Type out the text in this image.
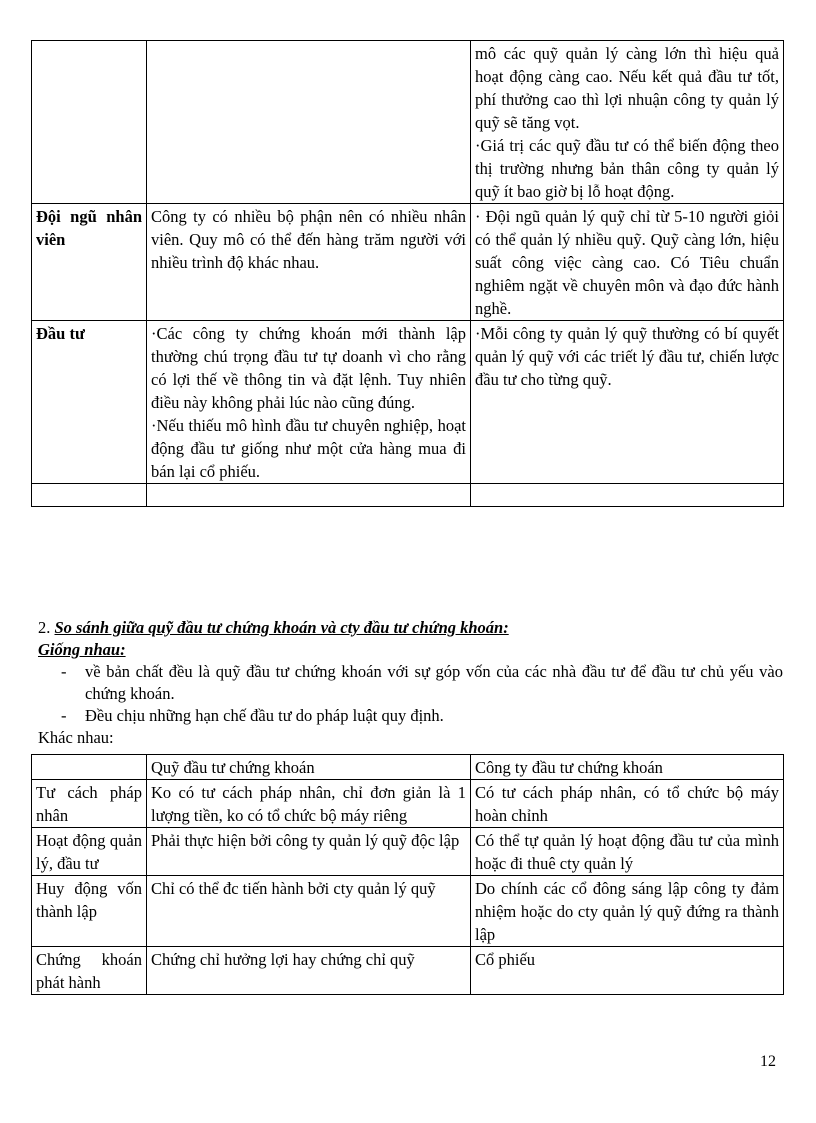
		mô các quỹ quản lý càng lớn thì hiệu quả hoạt động càng cao. Nếu kết quả đầu tư tốt, phí thưởng cao thì lợi nhuận công ty quản lý quỹ sẽ tăng vọt.
·Giá trị các quỹ đầu tư có thể biến động theo thị trường nhưng bản thân công ty quản lý quỹ ít bao giờ bị lỗ hoạt động.

Đội ngũ nhân viên	Công ty có nhiều bộ phận nên có nhiều nhân viên. Quy mô có thể đến hàng trăm người với nhiều trình độ khác nhau.	· Đội ngũ quản lý quỹ chỉ từ 5-10 người giỏi có thể quản lý nhiều quỹ. Quỹ càng lớn, hiệu suất công việc càng cao. Có Tiêu chuẩn nghiêm ngặt về chuyên môn và đạo đức hành nghề.

Đầu tư	·Các công ty chứng khoán mới thành lập thường chú trọng đầu tư tự doanh vì cho rằng có lợi thế về thông tin và đặt lệnh. Tuy nhiên điều này không phải lúc nào cũng đúng.
·Nếu thiếu mô hình đầu tư chuyên nghiệp, hoạt động đầu tư giống như một cửa hàng mua đi bán lại cổ phiếu.	·Mỗi công ty quản lý quỹ thường có bí quyết quản lý quỹ với các triết lý đầu tư, chiến lược đầu tư cho từng quỹ.

2. So sánh giữa quỹ đầu tư chứng khoán và cty đầu tư chứng khoán:
Giống nhau:
- về bản chất đều là quỹ đầu tư chứng khoán với sự góp vốn của các nhà đầu tư để đầu tư chủ yếu vào chứng khoán.
- Đều chịu những hạn chế đầu tư do pháp luật quy định.
Khác nhau:
	Quỹ đầu tư chứng khoán	Công ty đầu tư chứng khoán
Tư cách pháp nhân	Ko có tư cách pháp nhân, chỉ đơn giản là 1 lượng tiền, ko có tổ chức bộ máy riêng	Có tư cách pháp nhân, có tổ chức bộ máy hoàn chỉnh
Hoạt động quản lý, đầu tư	Phải thực hiện bởi công ty quản lý quỹ độc lập	Có thể tự quản lý hoạt động đầu tư của mình hoặc đi thuê cty quản lý
Huy động vốn thành lập	Chỉ có thể đc tiến hành bởi cty quản lý quỹ	Do chính các cổ đông sáng lập công ty đảm nhiệm hoặc do cty quản lý quỹ đứng ra thành lập
Chứng khoán phát hành	Chứng chỉ hưởng lợi hay chứng chỉ quỹ	Cổ phiếu
12
